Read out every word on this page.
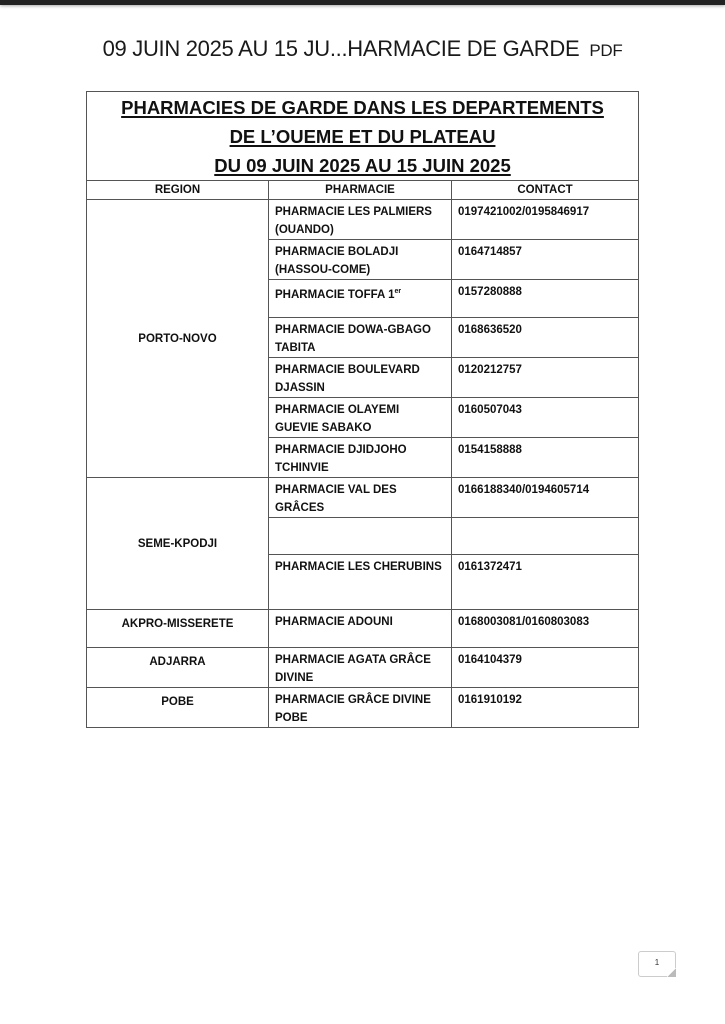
09 JUIN 2025 AU 15 JU...HARMACIE DE GARDE PDF
PHARMACIES DE GARDE DANS LES DEPARTEMENTS
DE L’OUEME ET DU PLATEAU
DU 09 JUIN 2025 AU 15 JUIN 2025		
REGION	PHARMACIE	CONTACT
PORTO-NOVO	PHARMACIE LES PALMIERS (OUANDO)	0197421002/0195846917
	PHARMACIE BOLADJI (HASSOU-COME)	0164714857
	PHARMACIE TOFFA 1er	0157280888
	PHARMACIE DOWA-GBAGO TABITA	0168636520
	PHARMACIE BOULEVARD DJASSIN	0120212757
	PHARMACIE OLAYEMI GUEVIE SABAKO	0160507043
	PHARMACIE DJIDJOHO TCHINVIE	0154158888
SEME-KPODJI	PHARMACIE VAL DES GRÂCES	0166188340/0194605714

	PHARMACIE LES CHERUBINS	0161372471
AKPRO-MISSERETE	PHARMACIE ADOUNI	0168003081/0160803083
ADJARRA	PHARMACIE AGATA GRÂCE DIVINE	0164104379
POBE	PHARMACIE GRÂCE DIVINE POBE	0161910192
1
